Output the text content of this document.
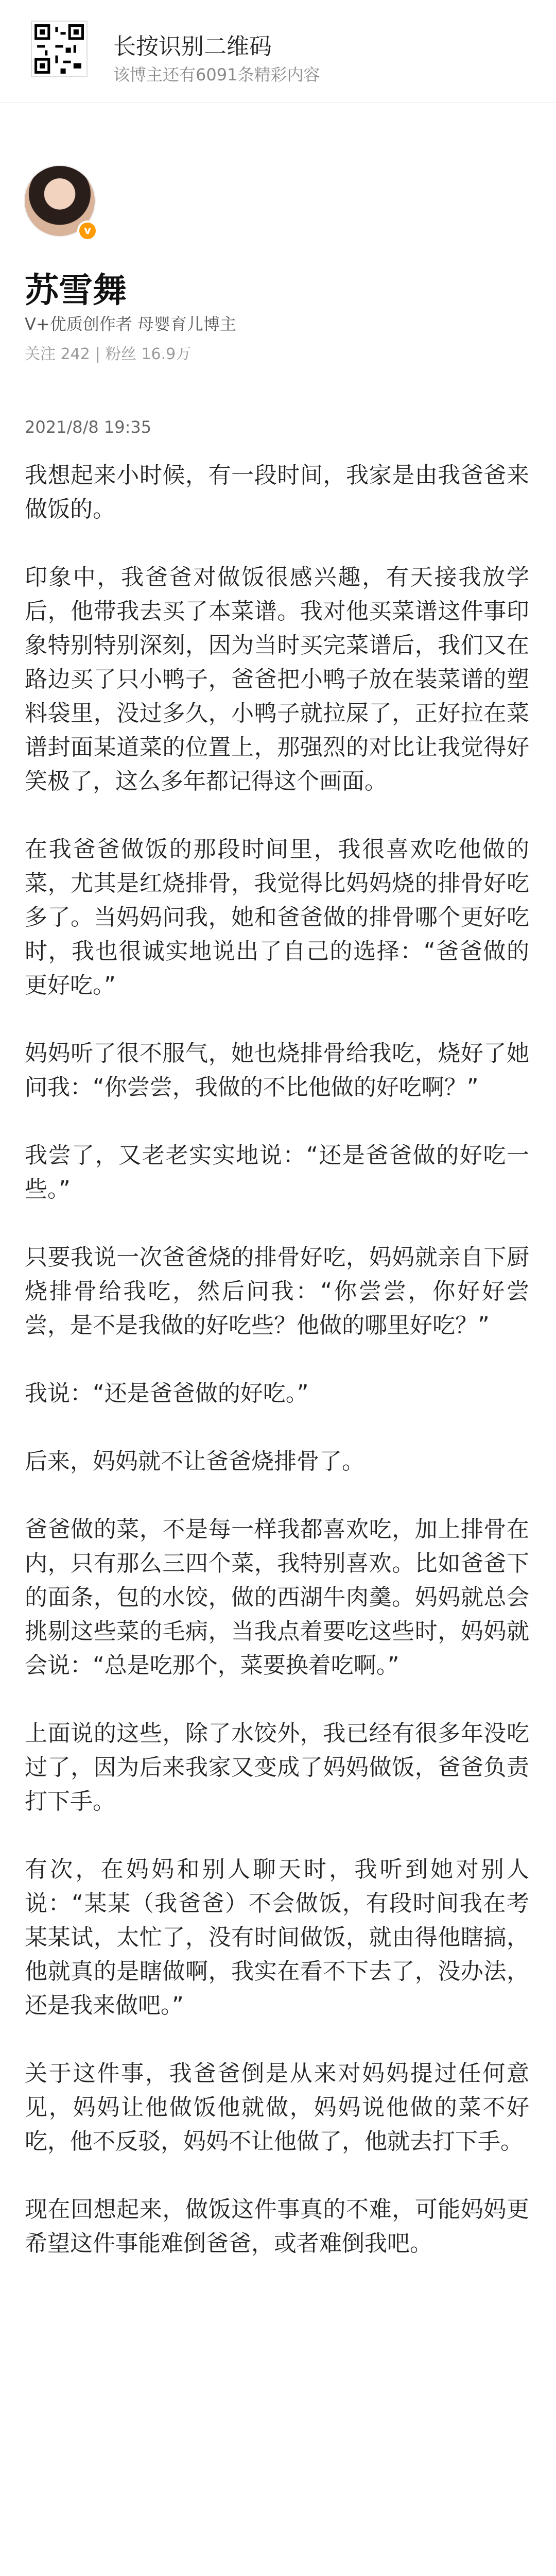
长按识别二维码
该博主还有6091条精彩内容
v
苏雪舞
V+优质创作者 母婴育儿博主
关注 242 | 粉丝 16.9万
2021/8/8 19:35

我想起来小时候，有一段时间，我家是由我爸爸来做饭的。

印象中，我爸爸对做饭很感兴趣，有天接我放学后，他带我去买了本菜谱。我对他买菜谱这件事印象特别特别深刻，因为当时买完菜谱后，我们又在路边买了只小鸭子，爸爸把小鸭子放在装菜谱的塑料袋里，没过多久，小鸭子就拉屎了，正好拉在菜谱封面某道菜的位置上，那强烈的对比让我觉得好笑极了，这么多年都记得这个画面。

在我爸爸做饭的那段时间里，我很喜欢吃他做的菜，尤其是红烧排骨，我觉得比妈妈烧的排骨好吃多了。当妈妈问我，她和爸爸做的排骨哪个更好吃时，我也很诚实地说出了自己的选择：“爸爸做的更好吃。”

妈妈听了很不服气，她也烧排骨给我吃，烧好了她问我：“你尝尝，我做的不比他做的好吃啊？”

我尝了，又老老实实地说：“还是爸爸做的好吃一些。”

只要我说一次爸爸烧的排骨好吃，妈妈就亲自下厨烧排骨给我吃，然后问我：“你尝尝，你好好尝尝，是不是我做的好吃些？他做的哪里好吃？”

我说：“还是爸爸做的好吃。”

后来，妈妈就不让爸爸烧排骨了。

爸爸做的菜，不是每一样我都喜欢吃，加上排骨在内，只有那么三四个菜，我特别喜欢。比如爸爸下的面条，包的水饺，做的西湖牛肉羹。妈妈就总会挑剔这些菜的毛病，当我点着要吃这些时，妈妈就会说：“总是吃那个，菜要换着吃啊。”

上面说的这些，除了水饺外，我已经有很多年没吃过了，因为后来我家又变成了妈妈做饭，爸爸负责打下手。

有次，在妈妈和别人聊天时，我听到她对别人说：“某某（我爸爸）不会做饭，有段时间我在考某某试，太忙了，没有时间做饭，就由得他瞎搞，他就真的是瞎做啊，我实在看不下去了，没办法，还是我来做吧。”

关于这件事，我爸爸倒是从来对妈妈提过任何意见，妈妈让他做饭他就做，妈妈说他做的菜不好吃，他不反驳，妈妈不让他做了，他就去打下手。

现在回想起来，做饭这件事真的不难，可能妈妈更希望这件事能难倒爸爸，或者难倒我吧。
